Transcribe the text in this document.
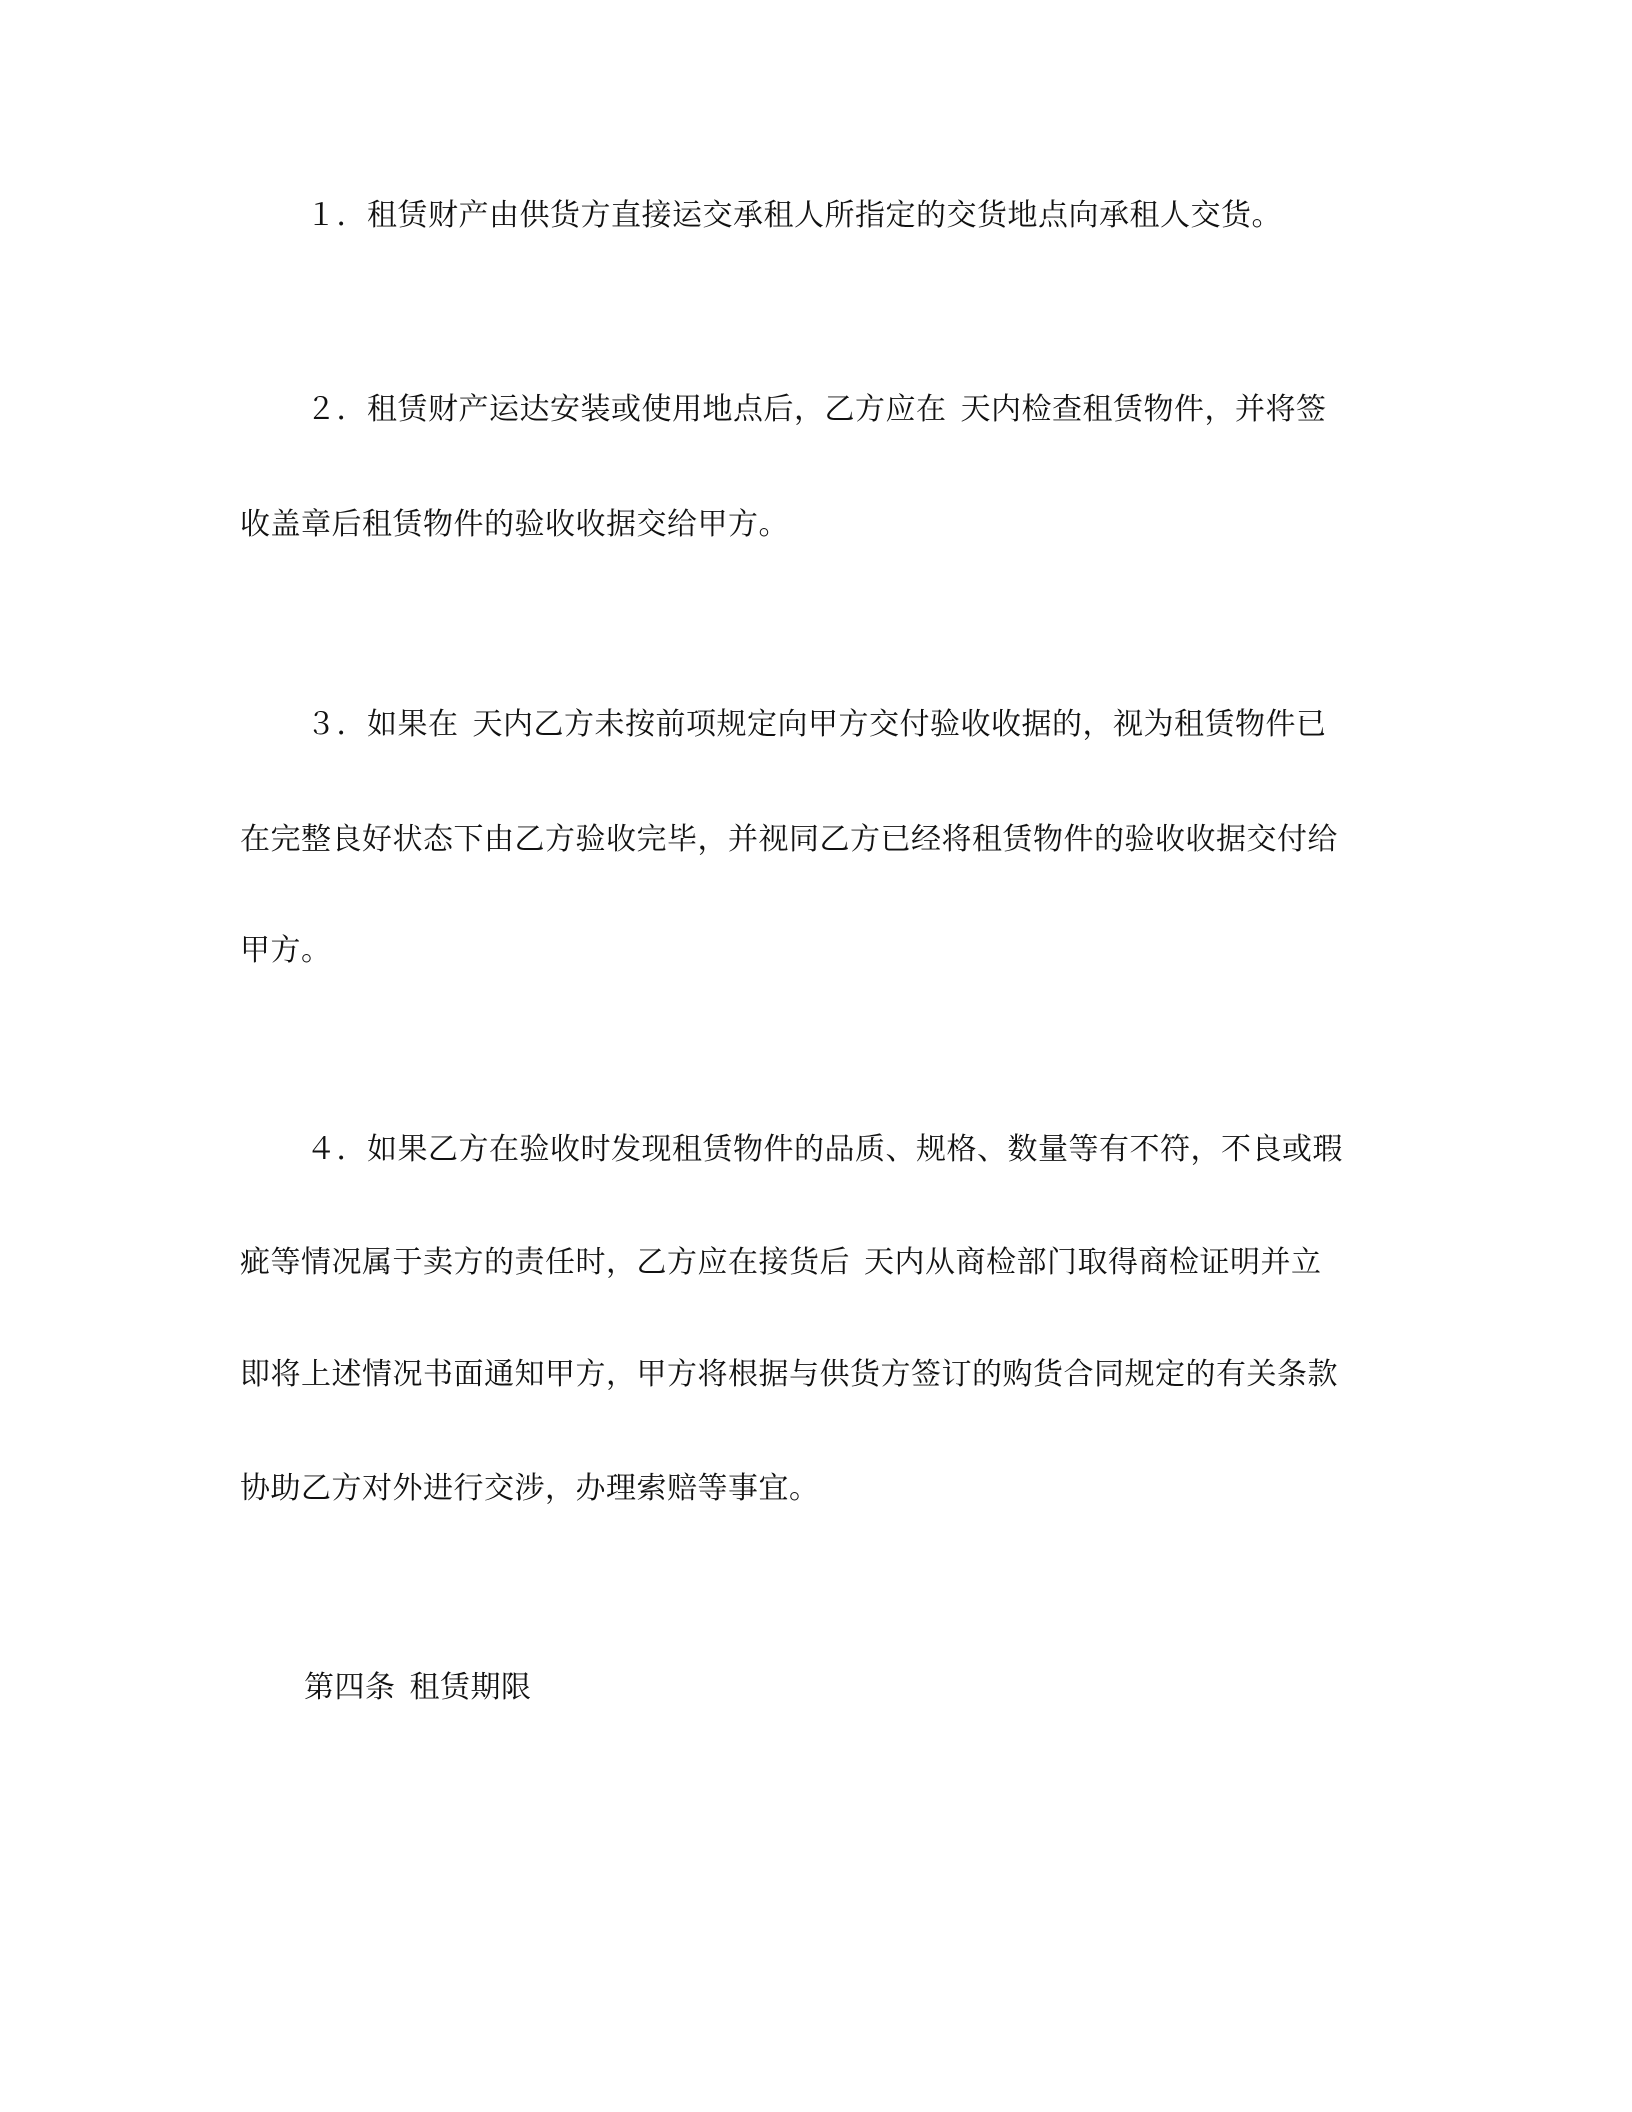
１．租赁财产由供货方直接运交承租人所指定的交货地点向承租人交货。
２．租赁财产运达安装或使用地点后，乙方应在 天内检查租赁物件，并将签
收盖章后租赁物件的验收收据交给甲方。
３．如果在 天内乙方未按前项规定向甲方交付验收收据的，视为租赁物件已
在完整良好状态下由乙方验收完毕，并视同乙方已经将租赁物件的验收收据交付给
甲方。
４．如果乙方在验收时发现租赁物件的品质、规格、数量等有不符，不良或瑕
疵等情况属于卖方的责任时，乙方应在接货后 天内从商检部门取得商检证明并立
即将上述情况书面通知甲方，甲方将根据与供货方签订的购货合同规定的有关条款
协助乙方对外进行交涉，办理索赔等事宜。
第四条 租赁期限
